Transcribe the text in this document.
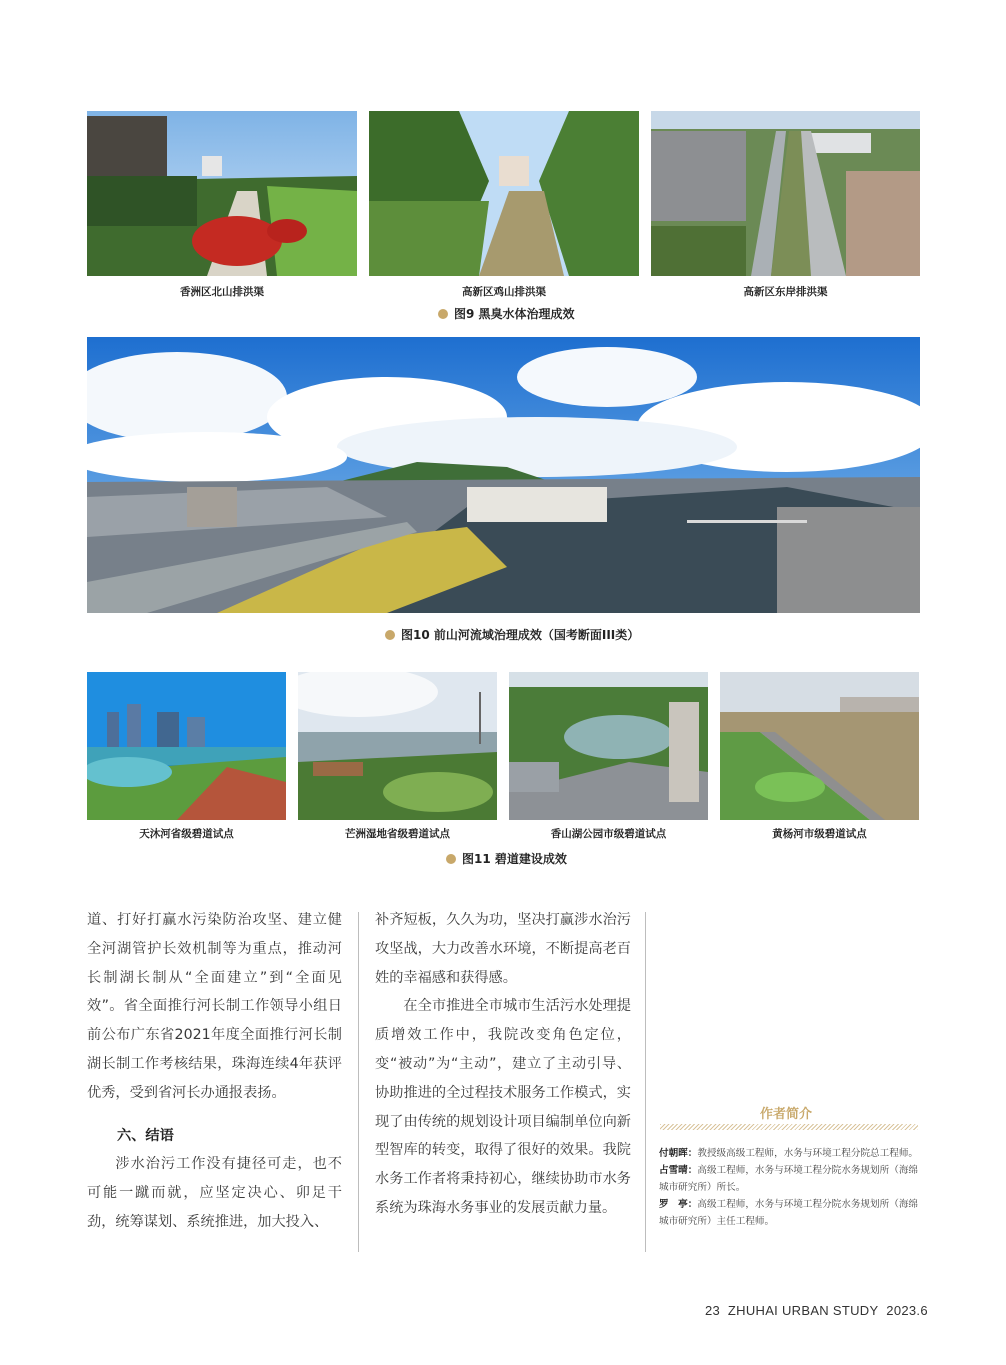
香洲区北山排洪渠	高新区鸡山排洪渠	高新区东岸排洪渠
图9 黑臭水体治理成效
图10 前山河流域治理成效（国考断面III类）
天沐河省级碧道试点	芒洲湿地省级碧道试点	香山湖公园市级碧道试点	黄杨河市级碧道试点
图11 碧道建设成效

道、打好打赢水污染防治攻坚、建立健全河湖管护长效机制等为重点，推动河长制湖长制从“全面建立”到“全面见效”。省全面推行河长制工作领导小组日前公布广东省2021年度全面推行河长制湖长制工作考核结果，珠海连续4年获评优秀，受到省河长办通报表扬。

六、结语

涉水治污工作没有捷径可走，也不可能一蹴而就，应坚定决心、卯足干劲，统筹谋划、系统推进，加大投入、

补齐短板，久久为功，坚决打赢涉水治污攻坚战，大力改善水环境，不断提高老百姓的幸福感和获得感。

在全市推进全市城市生活污水处理提质增效工作中，我院改变角色定位，变“被动”为“主动”，建立了主动引导、协助推进的全过程技术服务工作模式，实现了由传统的规划设计项目编制单位向新型智库的转变，取得了很好的效果。我院水务工作者将秉持初心，继续协助市水务系统为珠海水务事业的发展贡献力量。

作者简介

付朝晖：教授级高级工程师，水务与环境工程分院总工程师。

占雪晴：高级工程师，水务与环境工程分院水务规划所（海绵城市研究所）所长。

罗　亭：高级工程师，水务与环境工程分院水务规划所（海绵城市研究所）主任工程师。

23 ZHUHAI URBAN STUDY 2023.6
